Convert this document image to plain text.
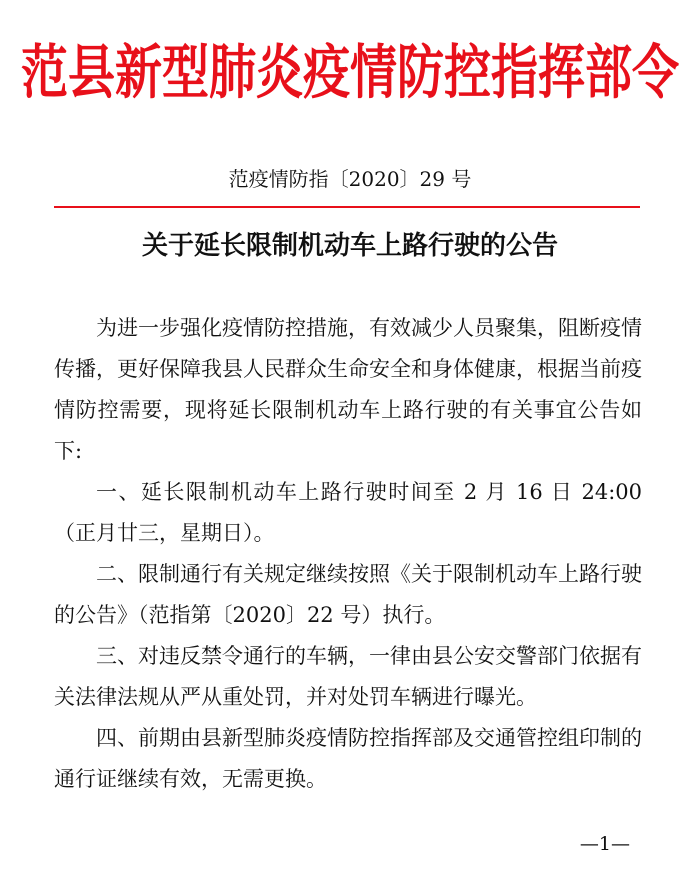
范县新型肺炎疫情防控指挥部令
范疫情防指〔2020〕29 号
关于延长限制机动车上路行驶的公告

为进一步强化疫情防控措施，有效减少人员聚集，阻断疫情传播，更好保障我县人民群众生命安全和身体健康，根据当前疫情防控需要，现将延长限制机动车上路行驶的有关事宜公告如下:

一、延长限制机动车上路行驶时间至 2 月 16 日 24:00（正月廿三，星期日）。

二、限制通行有关规定继续按照《关于限制机动车上路行驶的公告》（范指第〔2020〕22 号）执行。

三、对违反禁令通行的车辆，一律由县公安交警部门依据有关法律法规从严从重处罚，并对处罚车辆进行曝光。

四、前期由县新型肺炎疫情防控指挥部及交通管控组印制的通行证继续有效，无需更换。

—1—
